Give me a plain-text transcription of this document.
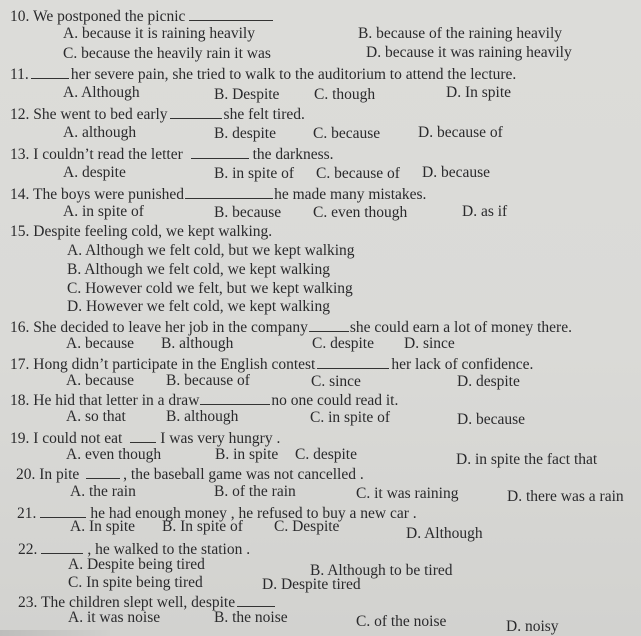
10. We postponed the picnic
A. because it is raining heavily	B. because of the raining heavily
C. because the heavily rain it was	D. because it was raining heavily
11.	her severe pain, she tried to walk to the auditorium to attend the lecture.
A. Although	B. Despite C. though	D. In spite
12. She went to bed early	she felt tired.
A. although	B. despite C. because D. because of
13. I couldn’t read the letter	the darkness.
A. despite	B. in spite of C. because of D. because
14. The boys were punished	he made many mistakes.
A. in spite of	B. because C. even though	D. as if
15. Despite feeling cold, we kept walking.
A. Although we felt cold, but we kept walking
B. Although we felt cold, we kept walking
C. However cold we felt, but we kept walking
D. However we felt cold, we kept walking
16. She decided to leave her job in the company	she could earn a lot of money there.
A. because B. although	C. despite D. since
17. Hong didn’t participate in the English contest	her lack of confidence.
A. because B. because of	C. since	D. despite
18. He hid that letter in a draw	no one could read it.
A. so that	B. although	C. in spite of	D. because
19. I could not eat I was very hungry .
A. even though	B. in spite C. despite	D. in spite the fact that
20. In pite	, the baseball game was not cancelled .
A. the rain	B. of the rain	C. it was raining	D. there was a rain
21.	he had enough money , he refused to buy a new car .
A. In spite B. In spite of C. Despite	D. Although
22.	, he walked to the station .
A. Despite being tired	B. Although to be tired
C. In spite being tired	D. Despite tired
23. The children slept well, despite
A. it was noise	B. the noise	C. of the noise	D. noisy
